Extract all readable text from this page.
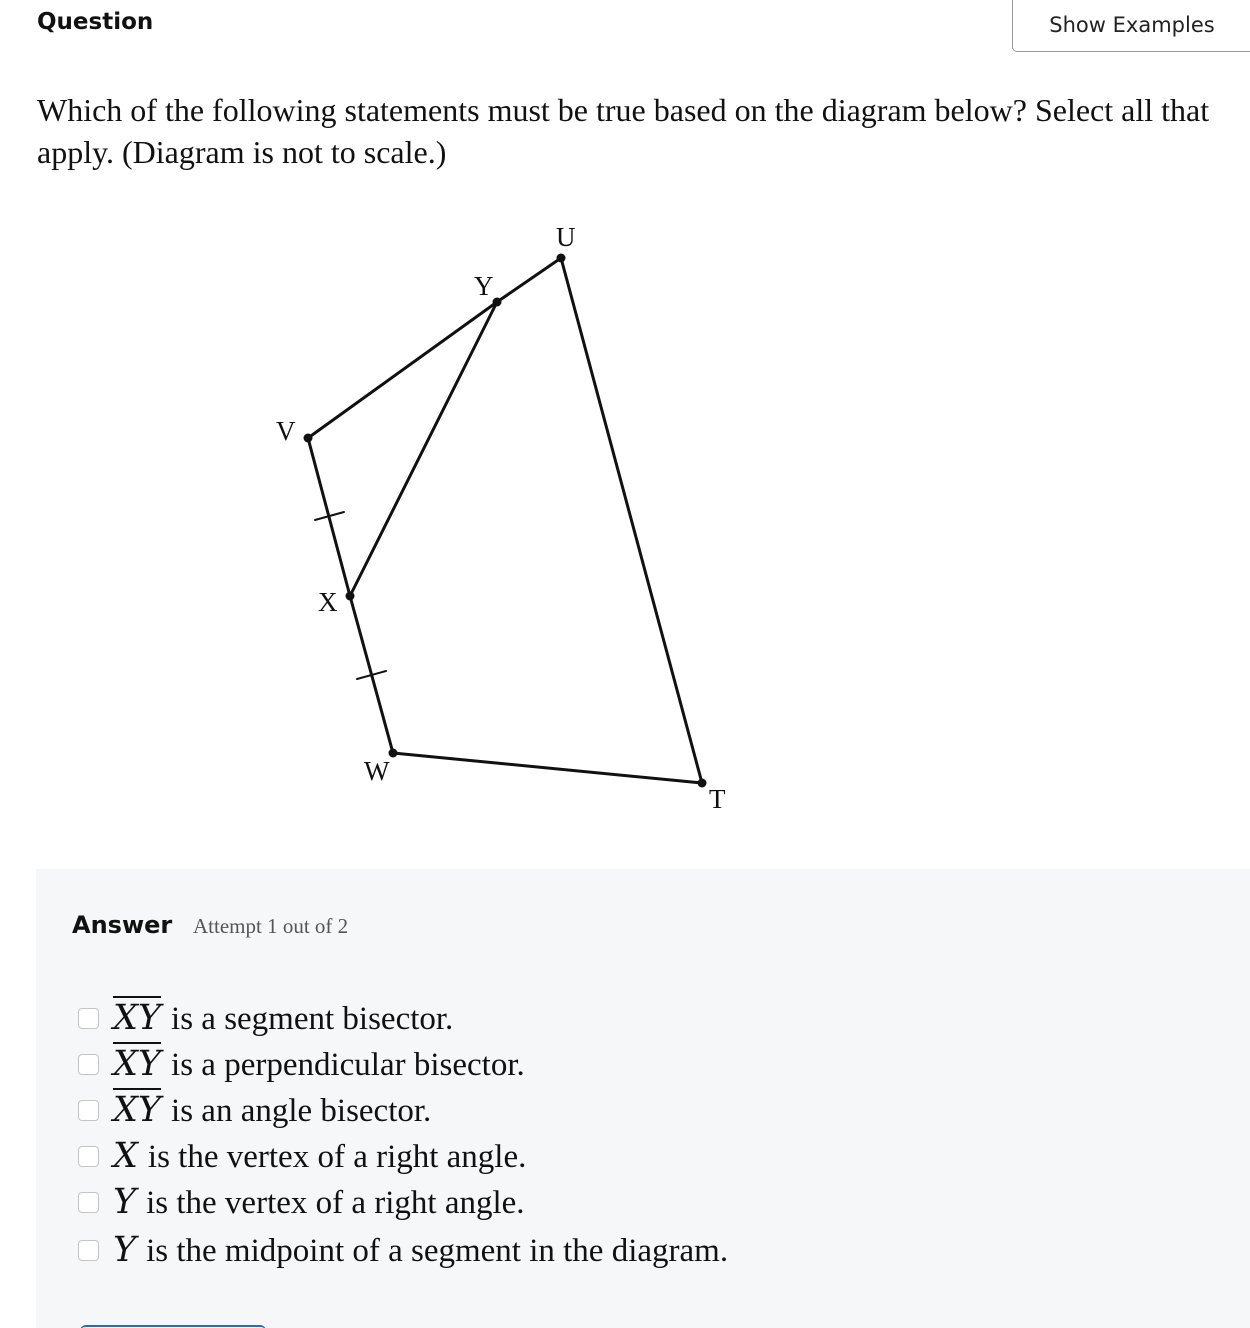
Question	Show Examples
Which of the following statements must be true based on the diagram below? Select all that apply. (Diagram is not to scale.)
U
Y
V
X
W
T
Answer Attempt 1 out of 2
$\overline{XY}$ is a segment bisector.
$\overline{XY}$ is a perpendicular bisector.
$\overline{XY}$ is an angle bisector.
X is the vertex of a right angle.
Y is the vertex of a right angle.
Y is the midpoint of a segment in the diagram.
